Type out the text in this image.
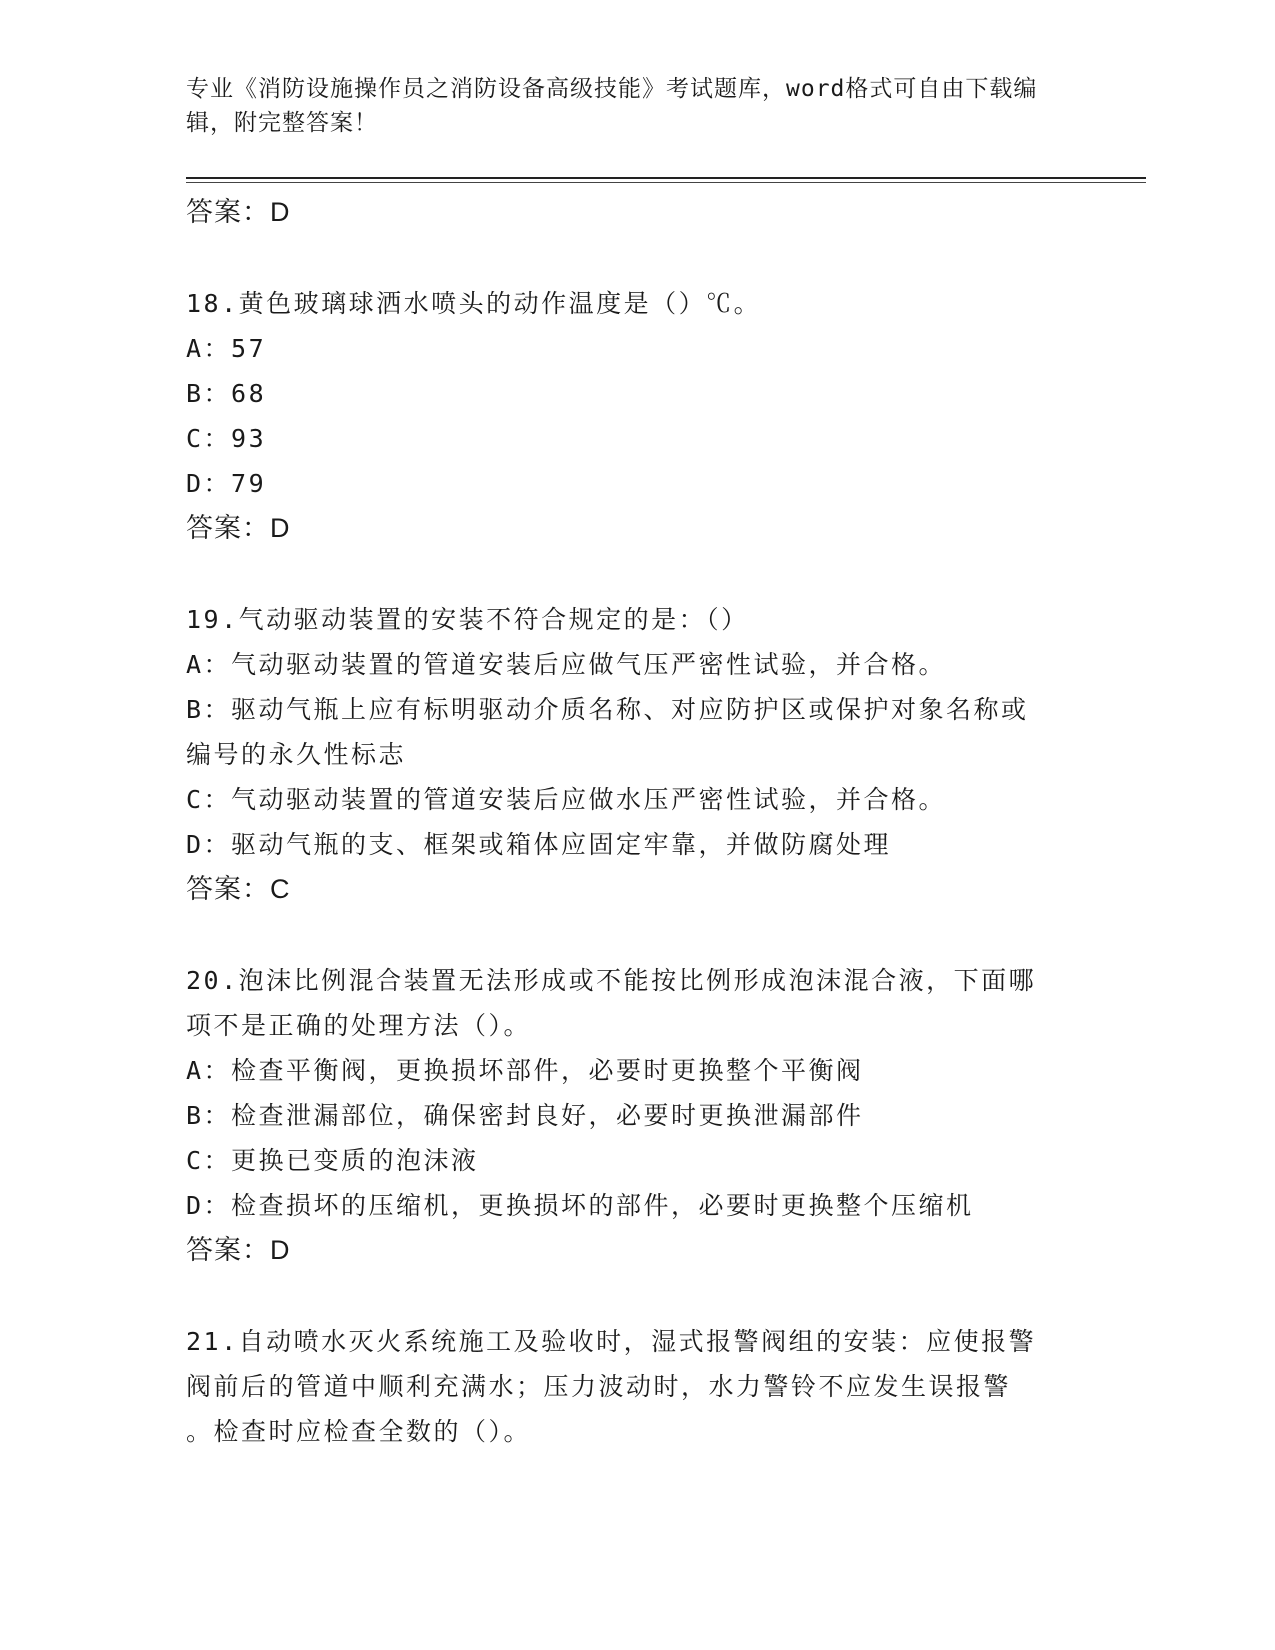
专业《消防设施操作员之消防设备高级技能》考试题库，word格式可自由下载编
辑，附完整答案！
答案：D
18.黄色玻璃球洒水喷头的动作温度是（）℃。
A：57
B：68
C：93
D：79
答案：D
19.气动驱动装置的安装不符合规定的是：（）
A：气动驱动装置的管道安装后应做气压严密性试验，并合格。
B：驱动气瓶上应有标明驱动介质名称、对应防护区或保护对象名称或
编号的永久性标志
C：气动驱动装置的管道安装后应做水压严密性试验，并合格。
D：驱动气瓶的支、框架或箱体应固定牢靠，并做防腐处理
答案：C
20.泡沫比例混合装置无法形成或不能按比例形成泡沫混合液，下面哪
项不是正确的处理方法（）。
A：检查平衡阀，更换损坏部件，必要时更换整个平衡阀
B：检查泄漏部位，确保密封良好，必要时更换泄漏部件
C：更换已变质的泡沫液
D：检查损坏的压缩机，更换损坏的部件，必要时更换整个压缩机
答案：D
21.自动喷水灭火系统施工及验收时，湿式报警阀组的安装：应使报警
阀前后的管道中顺利充满水；压力波动时，水力警铃不应发生误报警
。检查时应检查全数的（）。
